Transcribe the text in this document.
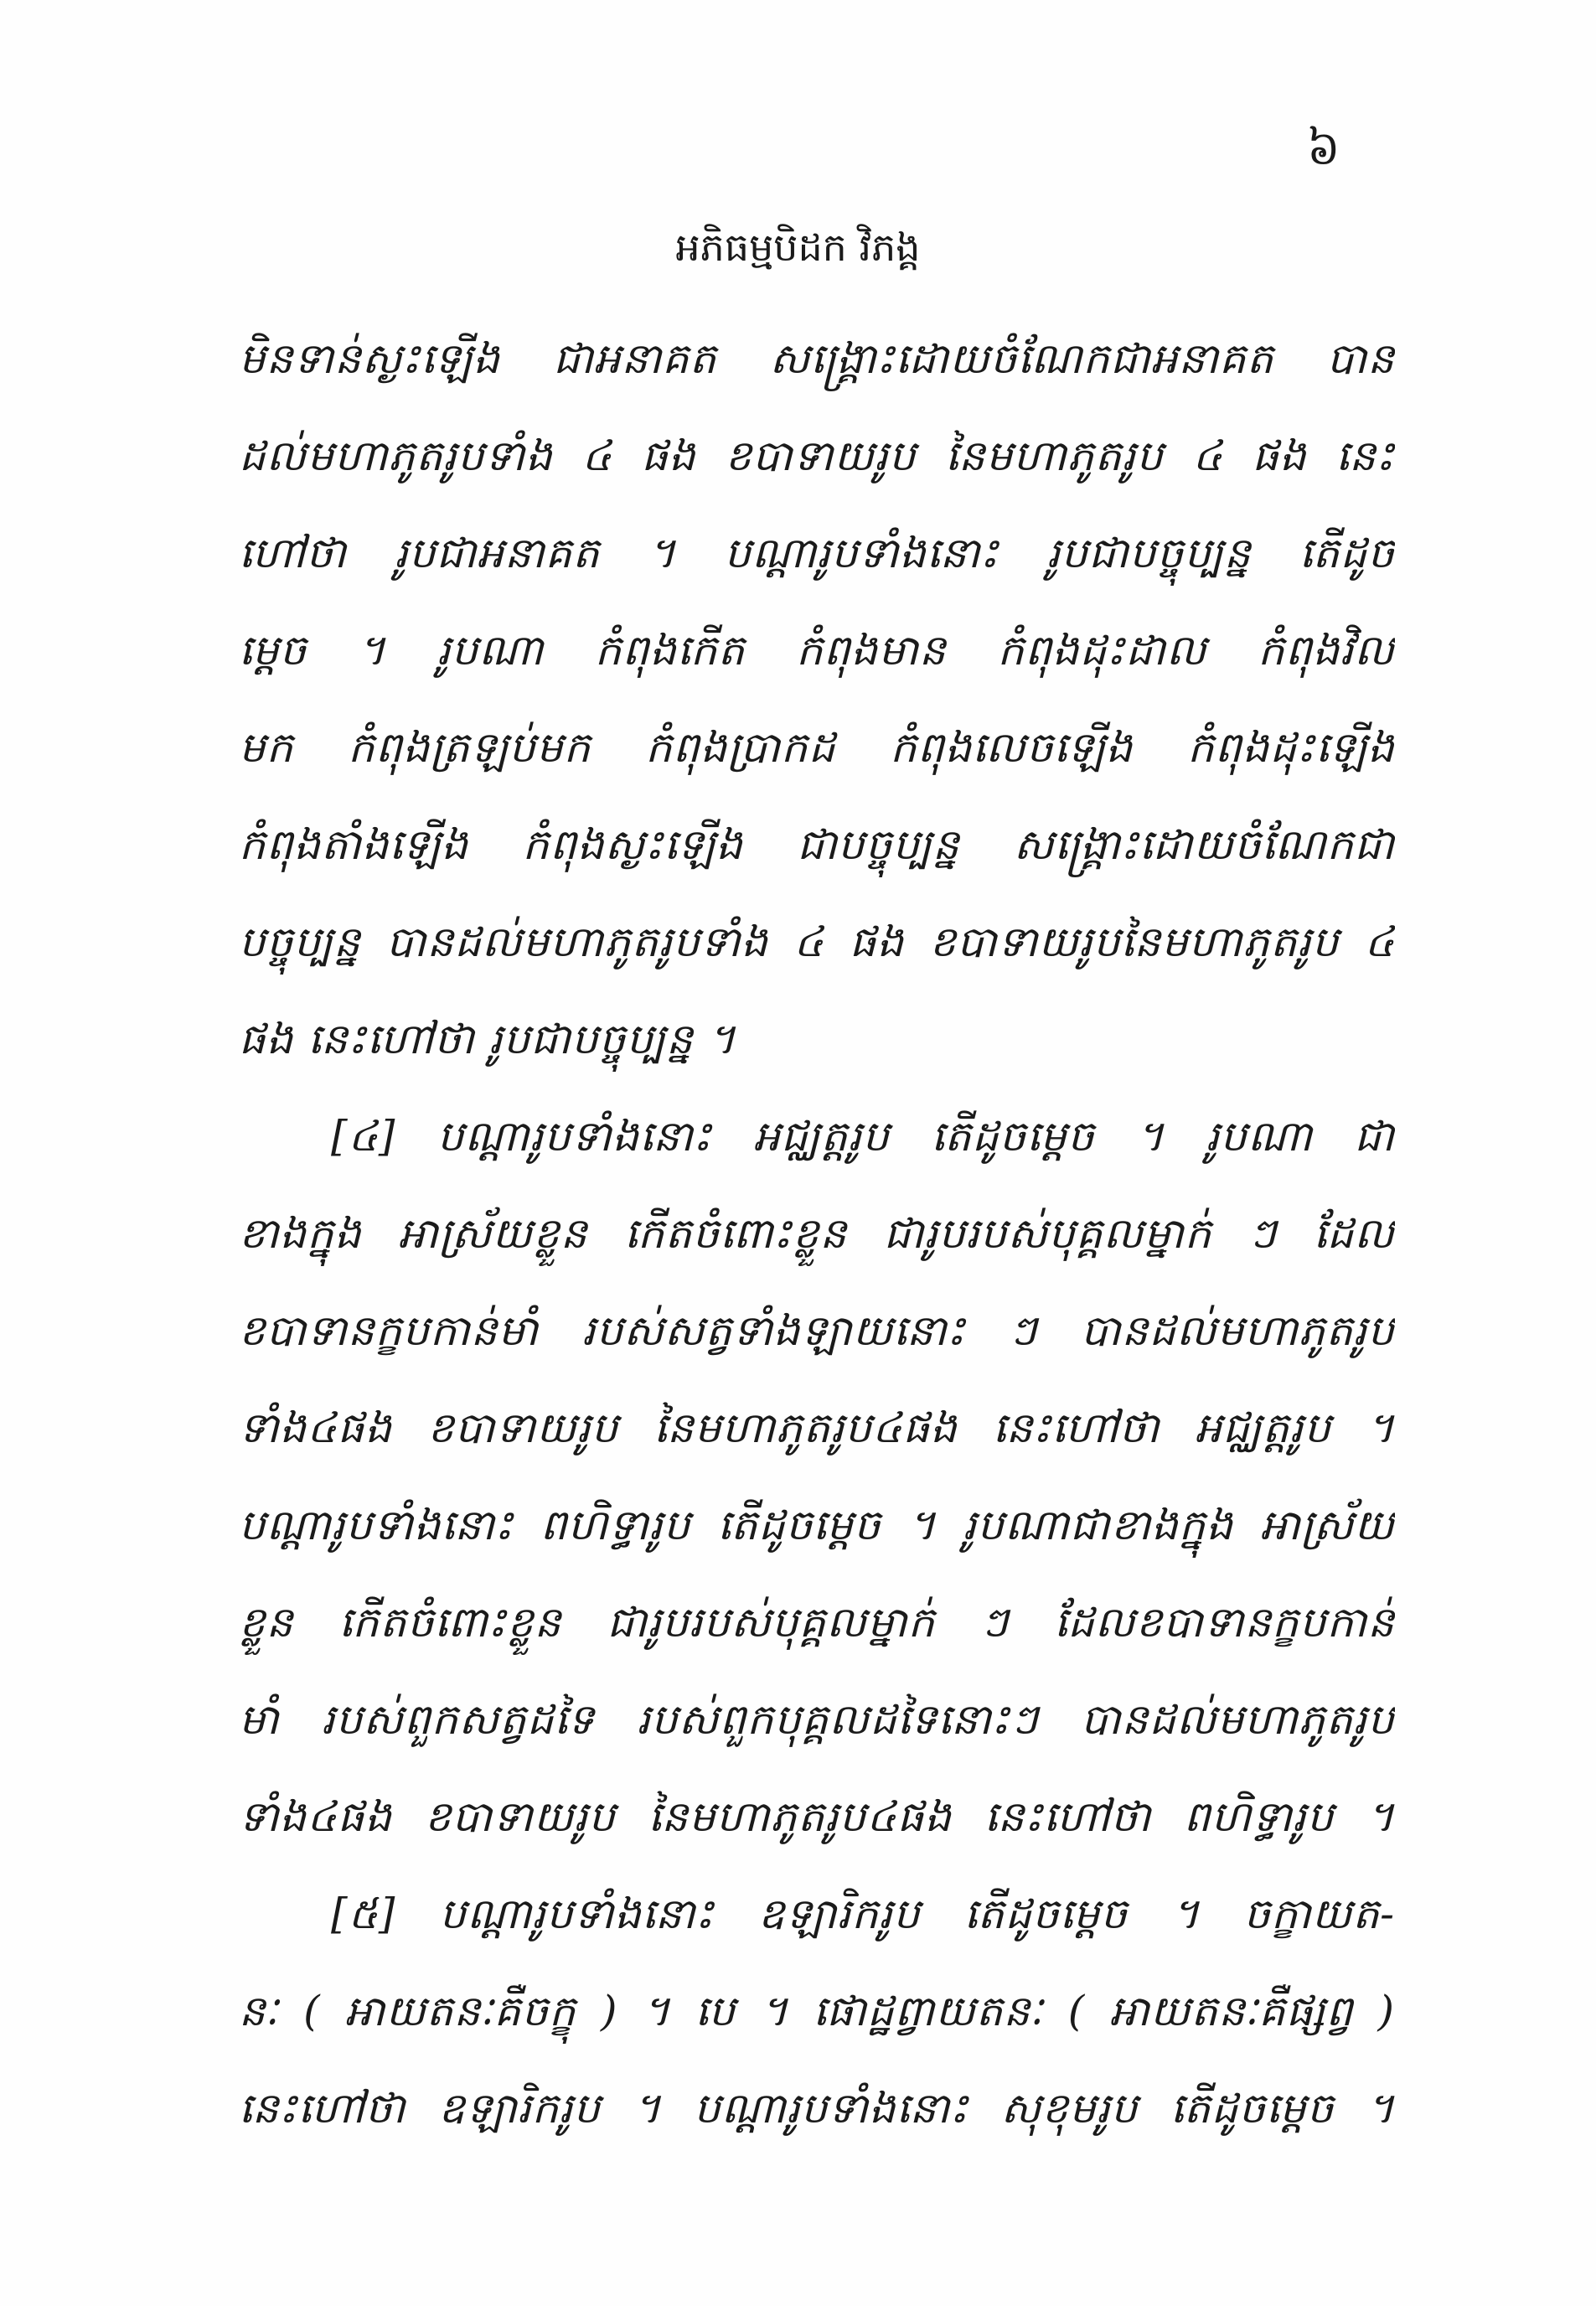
៦
អភិធម្មបិដក វិភង្គ
មិនទាន់ស្ងះឡើង ជាអនាគត សង្គ្រោះដោយចំណែកជាអនាគត បាន
ដល់មហាភូតរូបទាំង ៤ ផង ខបាទាយរូប នៃមហាភូតរូប ៤ ផង នេះ
ហៅថា រូបជាអនាគត ។ បណ្ដារូបទាំងនោះ រូបជាបច្ចុប្បន្ន តើដូច
ម្ដេច ។ រូបណា កំពុងកើត កំពុងមាន កំពុងដុះដាល កំពុងវិល
មក កំពុងត្រឡប់មក កំពុងប្រាកដ កំពុងលេចឡើង កំពុងដុះឡើង
កំពុងតាំងឡើង កំពុងស្ងះឡើង ជាបច្ចុប្បន្ន សង្គ្រោះដោយចំណែកជា
បច្ចុប្បន្ន បានដល់មហាភូតរូបទាំង ៤ ផង ខបាទាយរូបនៃមហាភូតរូប ៤
ផង នេះហៅថា រូបជាបច្ចុប្បន្ន ។
[៤] បណ្ដារូបទាំងនោះ អជ្ឈត្តរូប តើដូចម្ដេច ។ រូបណា ជា
ខាងក្នុង អាស្រ័យខ្លួន កើតចំពោះខ្លួន ជារូបរបស់បុគ្គលម្នាក់ ៗ ដែល
ខបាទានក្ខបកាន់មាំ របស់សត្វទាំងឡាយនោះ ៗ បានដល់មហាភូតរូប
ទាំង៤ផង ខបាទាយរូប នៃមហាភូតរូប៤ផង នេះហៅថា អជ្ឈត្តរូប ។
បណ្ដារូបទាំងនោះ ពហិទ្ធារូប តើដូចម្ដេច ។ រូបណាជាខាងក្នុង អាស្រ័យ
ខ្លួន កើតចំពោះខ្លួន ជារូបរបស់បុគ្គលម្នាក់ ៗ ដែលខបាទានក្ខបកាន់
មាំ របស់ពួកសត្វដទៃ របស់ពួកបុគ្គលដទៃនោះៗ បានដល់មហាភូតរូប
ទាំង៤ផង ខបាទាយរូប នៃមហាភូតរូប៤ផង នេះហៅថា ពហិទ្ធារូប ។
[៥] បណ្ដារូបទាំងនោះ ឧឡារិករូប តើដូចម្ដេច ។ ចក្ខាយត-
នៈ ( អាយតនៈគឺចក្ខុ ) ។ បេ ។ ផោដ្ឋព្វាយតនៈ ( អាយតនៈគឺផ្សព្វ )
នេះហៅថា ឧឡារិករូប ។ បណ្ដារូបទាំងនោះ សុខុមរូប តើដូចម្ដេច ។
